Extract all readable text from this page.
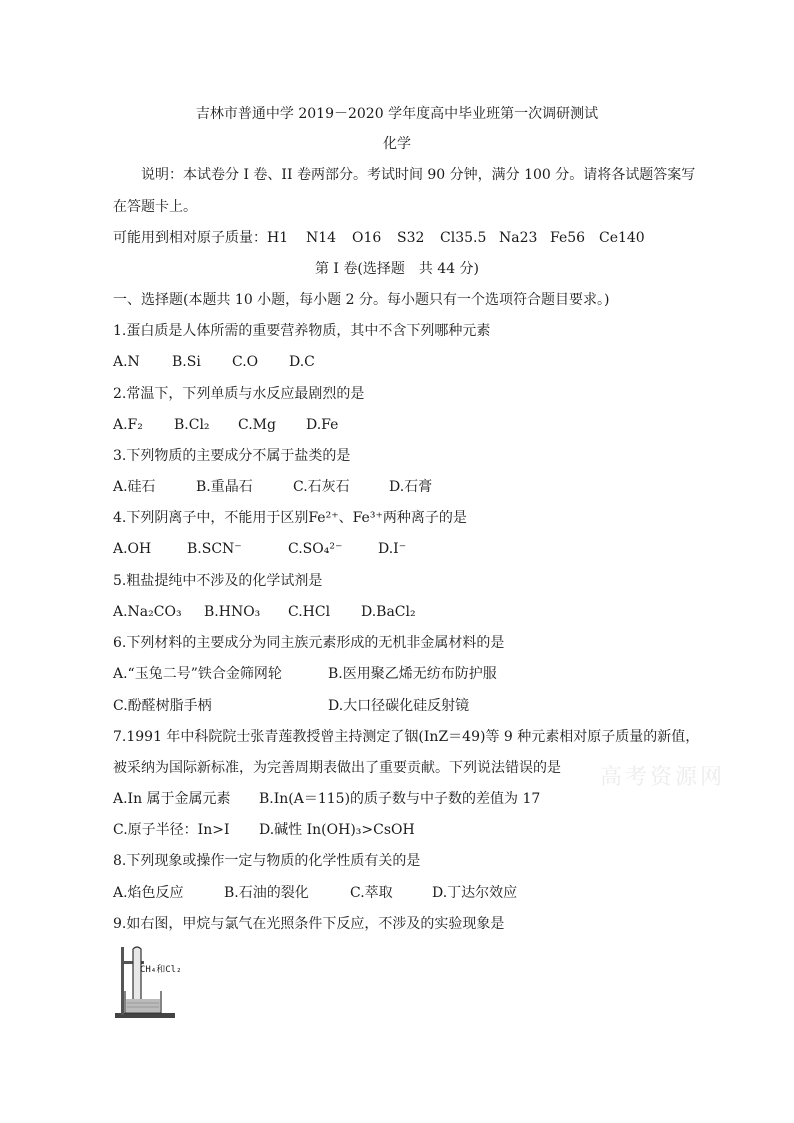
吉林市普通中学 2019－2020 学年度高中毕业班第一次调研测试
化学
说明：本试卷分 I 卷、II 卷两部分。考试时间 90 分钟，满分 100 分。请将各试题答案写
在答题卡上。
可能用到相对原子质量： H1 N14 O16 S32 Cl35.5 Na23 Fe56 Ce140
第 I 卷(选择题　共 44 分)
一、选择题(本题共 10 小题，每小题 2 分。每小题只有一个选项符合题目要求。)
1.蛋白质是人体所需的重要营养物质，其中不含下列哪种元素
A.N B.Si C.O D.C
2.常温下，下列单质与水反应最剧烈的是
A.F₂ B.Cl₂ C.Mg D.Fe
3.下列物质的主要成分不属于盐类的是
A.硅石	B.重晶石	C.石灰石	D.石膏
4.下列阴离子中，不能用于区别Fe²⁺、Fe³⁺两种离子的是
A.OH	B.SCN⁻	C.SO₄²⁻	D.I⁻
5.粗盐提纯中不涉及的化学试剂是
A.Na₂CO₃ B.HNO₃ C.HCl D.BaCl₂
6.下列材料的主要成分为同主族元素形成的无机非金属材料的是
A.“玉兔二号”铁合金筛网轮	B.医用聚乙烯无纺布防护服
C.酚醛树脂手柄	D.大口径碳化硅反射镜
7.1991 年中科院院士张青莲教授曾主持测定了铟(InZ＝49)等 9 种元素相对原子质量的新值，
被采纳为国际新标准，为完善周期表做出了重要贡献。下列说法错误的是
A.In 属于金属元素 B.In(A＝115)的质子数与中子数的差值为 17
C.原子半径：In>I D.碱性 In(OH)₃>CsOH
高考资源网
8.下列现象或操作一定与物质的化学性质有关的是
A.焰色反应	B.石油的裂化	C.萃取	D.丁达尔效应
9.如右图，甲烷与氯气在光照条件下反应，不涉及的实验现象是
CH₄和Cl₂
